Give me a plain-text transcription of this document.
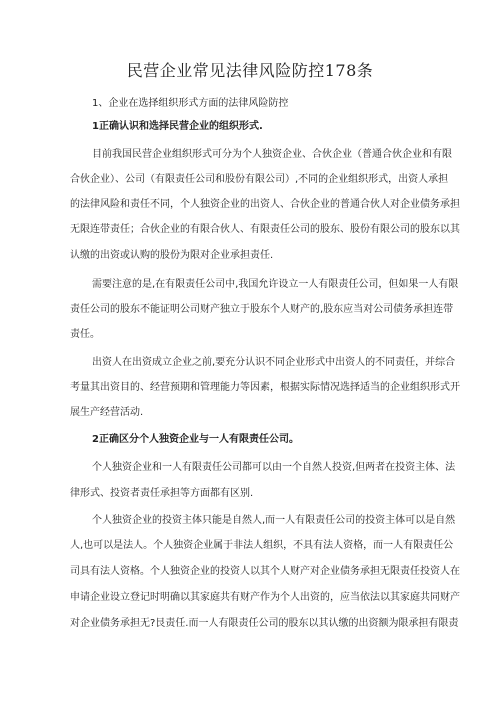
民营企业常见法律风险防控178条
1、企业在选择组织形式方面的法律风险防控
1正确认识和选择民营企业的组织形式.
目前我国民营企业组织形式可分为个人独资企业、合伙企业（普通合伙企业和有限
合伙企业）、公司（有限责任公司和股份有限公司）,不同的企业组织形式，出资人承担
的法律风险和责任不同，个人独资企业的出资人、合伙企业的普通合伙人对企业债务承担
无限连带责任；合伙企业的有限合伙人、有限责任公司的股东、股份有限公司的股东以其
认缴的出资或认购的股份为限对企业承担责任.
需要注意的是,在有限责任公司中,我国允许设立一人有限责任公司，但如果一人有限
责任公司的股东不能证明公司财产独立于股东个人财产的,股东应当对公司债务承担连带
责任。
出资人在出资成立企业之前,要充分认识不同企业形式中出资人的不同责任，并综合
考量其出资目的、经营预期和管理能力等因素，根据实际情况选择适当的企业组织形式开
展生产经营活动.
2正确区分个人独资企业与一人有限责任公司。
个人独资企业和一人有限责任公司都可以由一个自然人投资,但两者在投资主体、法
律形式、投资者责任承担等方面都有区别.
个人独资企业的投资主体只能是自然人,而一人有限责任公司的投资主体可以是自然
人,也可以是法人。个人独资企业属于非法人组织，不具有法人资格，而一人有限责任公
司具有法人资格。个人独资企业的投资人以其个人财产对企业债务承担无限责任投资人在
申请企业设立登记时明确以其家庭共有财产作为个人出资的，应当依法以其家庭共同财产
对企业债务承担无?艮责任.而一人有限责任公司的股东以其认缴的出资额为限承担有限责
